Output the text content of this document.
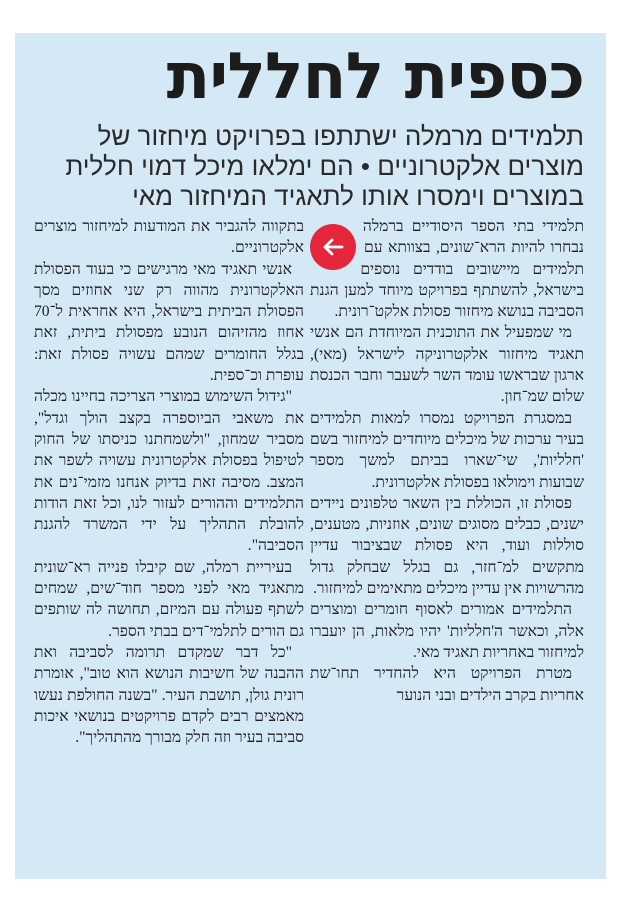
כספית לחללית
תלמידים מרמלה ישתתפו בפרויקט מיחזור של
מוצרים אלקטרוניים • הם ימלאו מיכל דמוי חללית
במוצרים וימסרו אותו לתאגיד המיחזור מאי

תלמידי בתי הספר היסודיים ברמלה נבחרו להיות הרא־שונים, בצוותא עם תלמידים מיישובים בודדים נוספים בישראל, להשתתף בפרויקט מיוחד למען הגנת הסביבה בנושא מיחזור פסולת אלקט־רונית.

מי שמפעיל את התוכנית המיוחדת הם אנשי תאגיד מיחזור אלקטרוניקה לישראל (מאי), ארגון שבראשו עומד השר לשעבר וחבר הכנסת שלום שמ־חון.

במסגרת הפרויקט נמסרו למאות תלמידים בעיר ערכות של מיכלים מיוחדים למיחזור בשם 'חלליות', שי־שארו בביתם למשך מספר שבועות וימולאו בפסולת אלקטרונית.

פסולת זו, הכוללת בין השאר טלפונים ניידים ישנים, כבלים מסוגים שונים, אוזניות, מטענים, סוללות ועוד, היא פסולת שבציבור עדיין מתקשים למ־חזר, גם בגלל שבחלק גדול מהרשויות אין עדיין מיכלים מתאימים למיחזור.

התלמידים אמורים לאסוף חומרים ומוצרים אלה, וכאשר ה'חלליות' יהיו מלאות, הן יועברו למיחזור באחריות תאגיד מאי.

מטרת הפרויקט היא להחדיר תחו־שת אחריות בקרב הילדים ובני הנוער

בתקווה להגביר את המודעות למיחזור מוצרים אלקטרוניים.

אנשי תאגיד מאי מרגישים כי בעוד הפסולת האלקטרונית מהווה רק שני אחוזים מסך הפסולת הביתית בישראל, היא אחראית ל־70 אחוז מהזיהום הנובע מפסולת ביתית, זאת בגלל החומרים שמהם עשויה פסולת זאת: עופרת וכ־ספית.

"גידול השימוש במוצרי הצריכה בחיינו מכלה את משאבי הביוספרה בקצב הולך וגדל", מסביר שמחון, "ולשמחתנו כניסתו של החוק לטיפול בפסולת אלקטרונית עשויה לשפר את המצב. מסיבה זאת בדיוק אנחנו מזמי־נים את התלמידים וההורים לעזור לנו, וכל זאת הודות להובלת התהליך על ידי המשרד להגנת הסביבה".

בעיריית רמלה, שם קיבלו פנייה רא־שונית מתאגיד מאי לפני מספר חוד־שים, שמחים לשתף פעולה עם המיזם, תחושה לה שותפים גם הורים לתלמי־דים בבתי הספר.

"כל דבר שמקדם תרומה לסביבה ואת ההבנה של חשיבות הנושא הוא טוב", אומרת רונית גולן, תושבת העיר. "בשנה החולפת נעשו מאמצים רבים לקדם פרויקטים בנושאי איכות סביבה בעיר וזה חלק מבורך מהתהליך".
